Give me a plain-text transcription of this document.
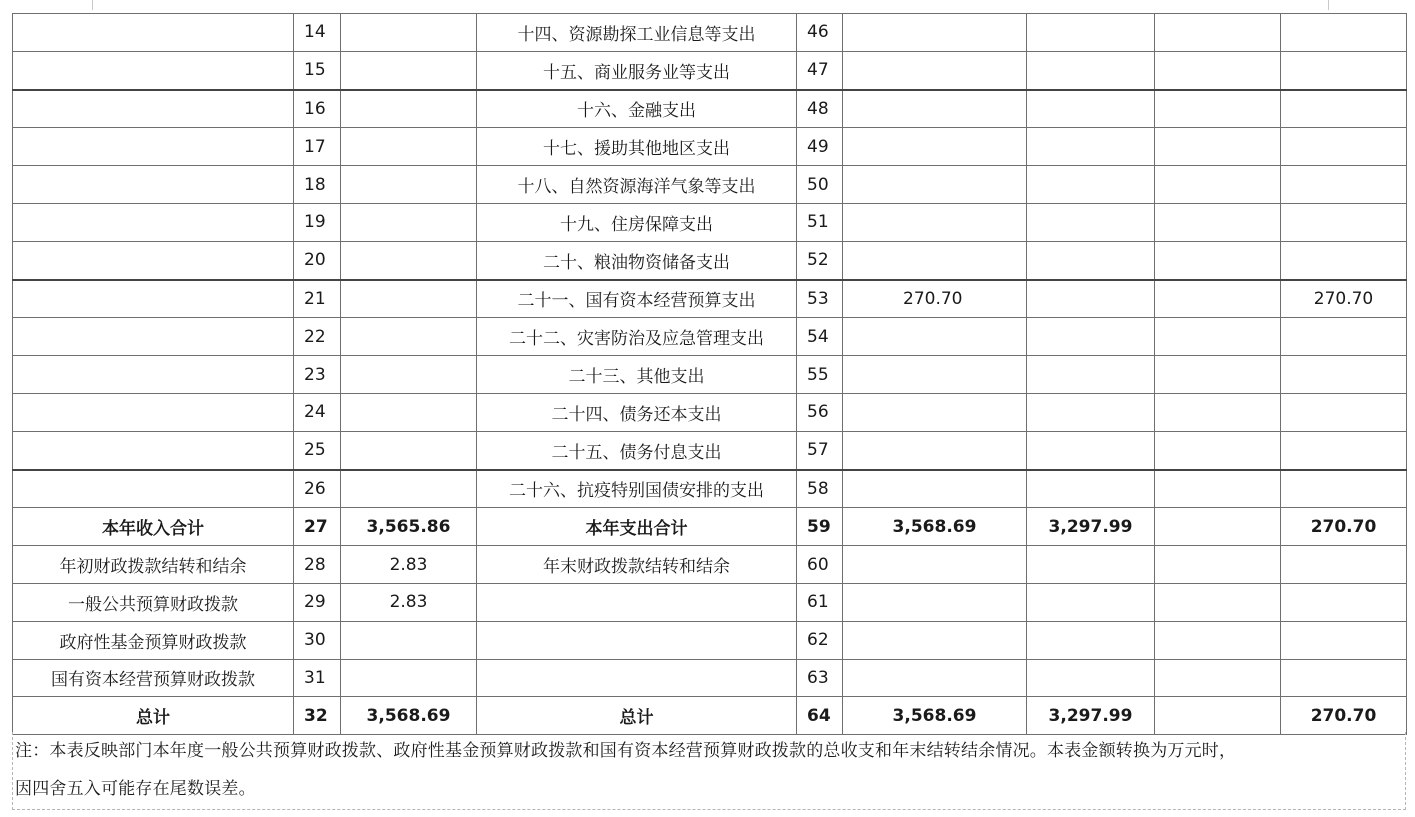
	14		十四、资源勘探工业信息等支出	46				
	15		十五、商业服务业等支出	47				
	16		十六、金融支出	48				
	17		十七、援助其他地区支出	49				
	18		十八、自然资源海洋气象等支出	50				
	19		十九、住房保障支出	51				
	20		二十、粮油物资储备支出	52				
	21		二十一、国有资本经营预算支出	53	270.70			270.70
	22		二十二、灾害防治及应急管理支出	54				
	23		二十三、其他支出	55				
	24		二十四、债务还本支出	56				
	25		二十五、债务付息支出	57				
	26		二十六、抗疫特别国债安排的支出	58				
本年收入合计	27	3,565.86	本年支出合计	59	3,568.69	3,297.99		270.70
年初财政拨款结转和结余	28	2.83	年末财政拨款结转和结余	60				
一般公共预算财政拨款	29	2.83		61				
政府性基金预算财政拨款	30			62				
国有资本经营预算财政拨款	31			63				
总计	32	3,568.69	总计	64	3,568.69	3,297.99		270.70
注：本表反映部门本年度一般公共预算财政拨款、政府性基金预算财政拨款和国有资本经营预算财政拨款的总收支和年末结转结余情况。本表金额转换为万元时，
因四舍五入可能存在尾数误差。
